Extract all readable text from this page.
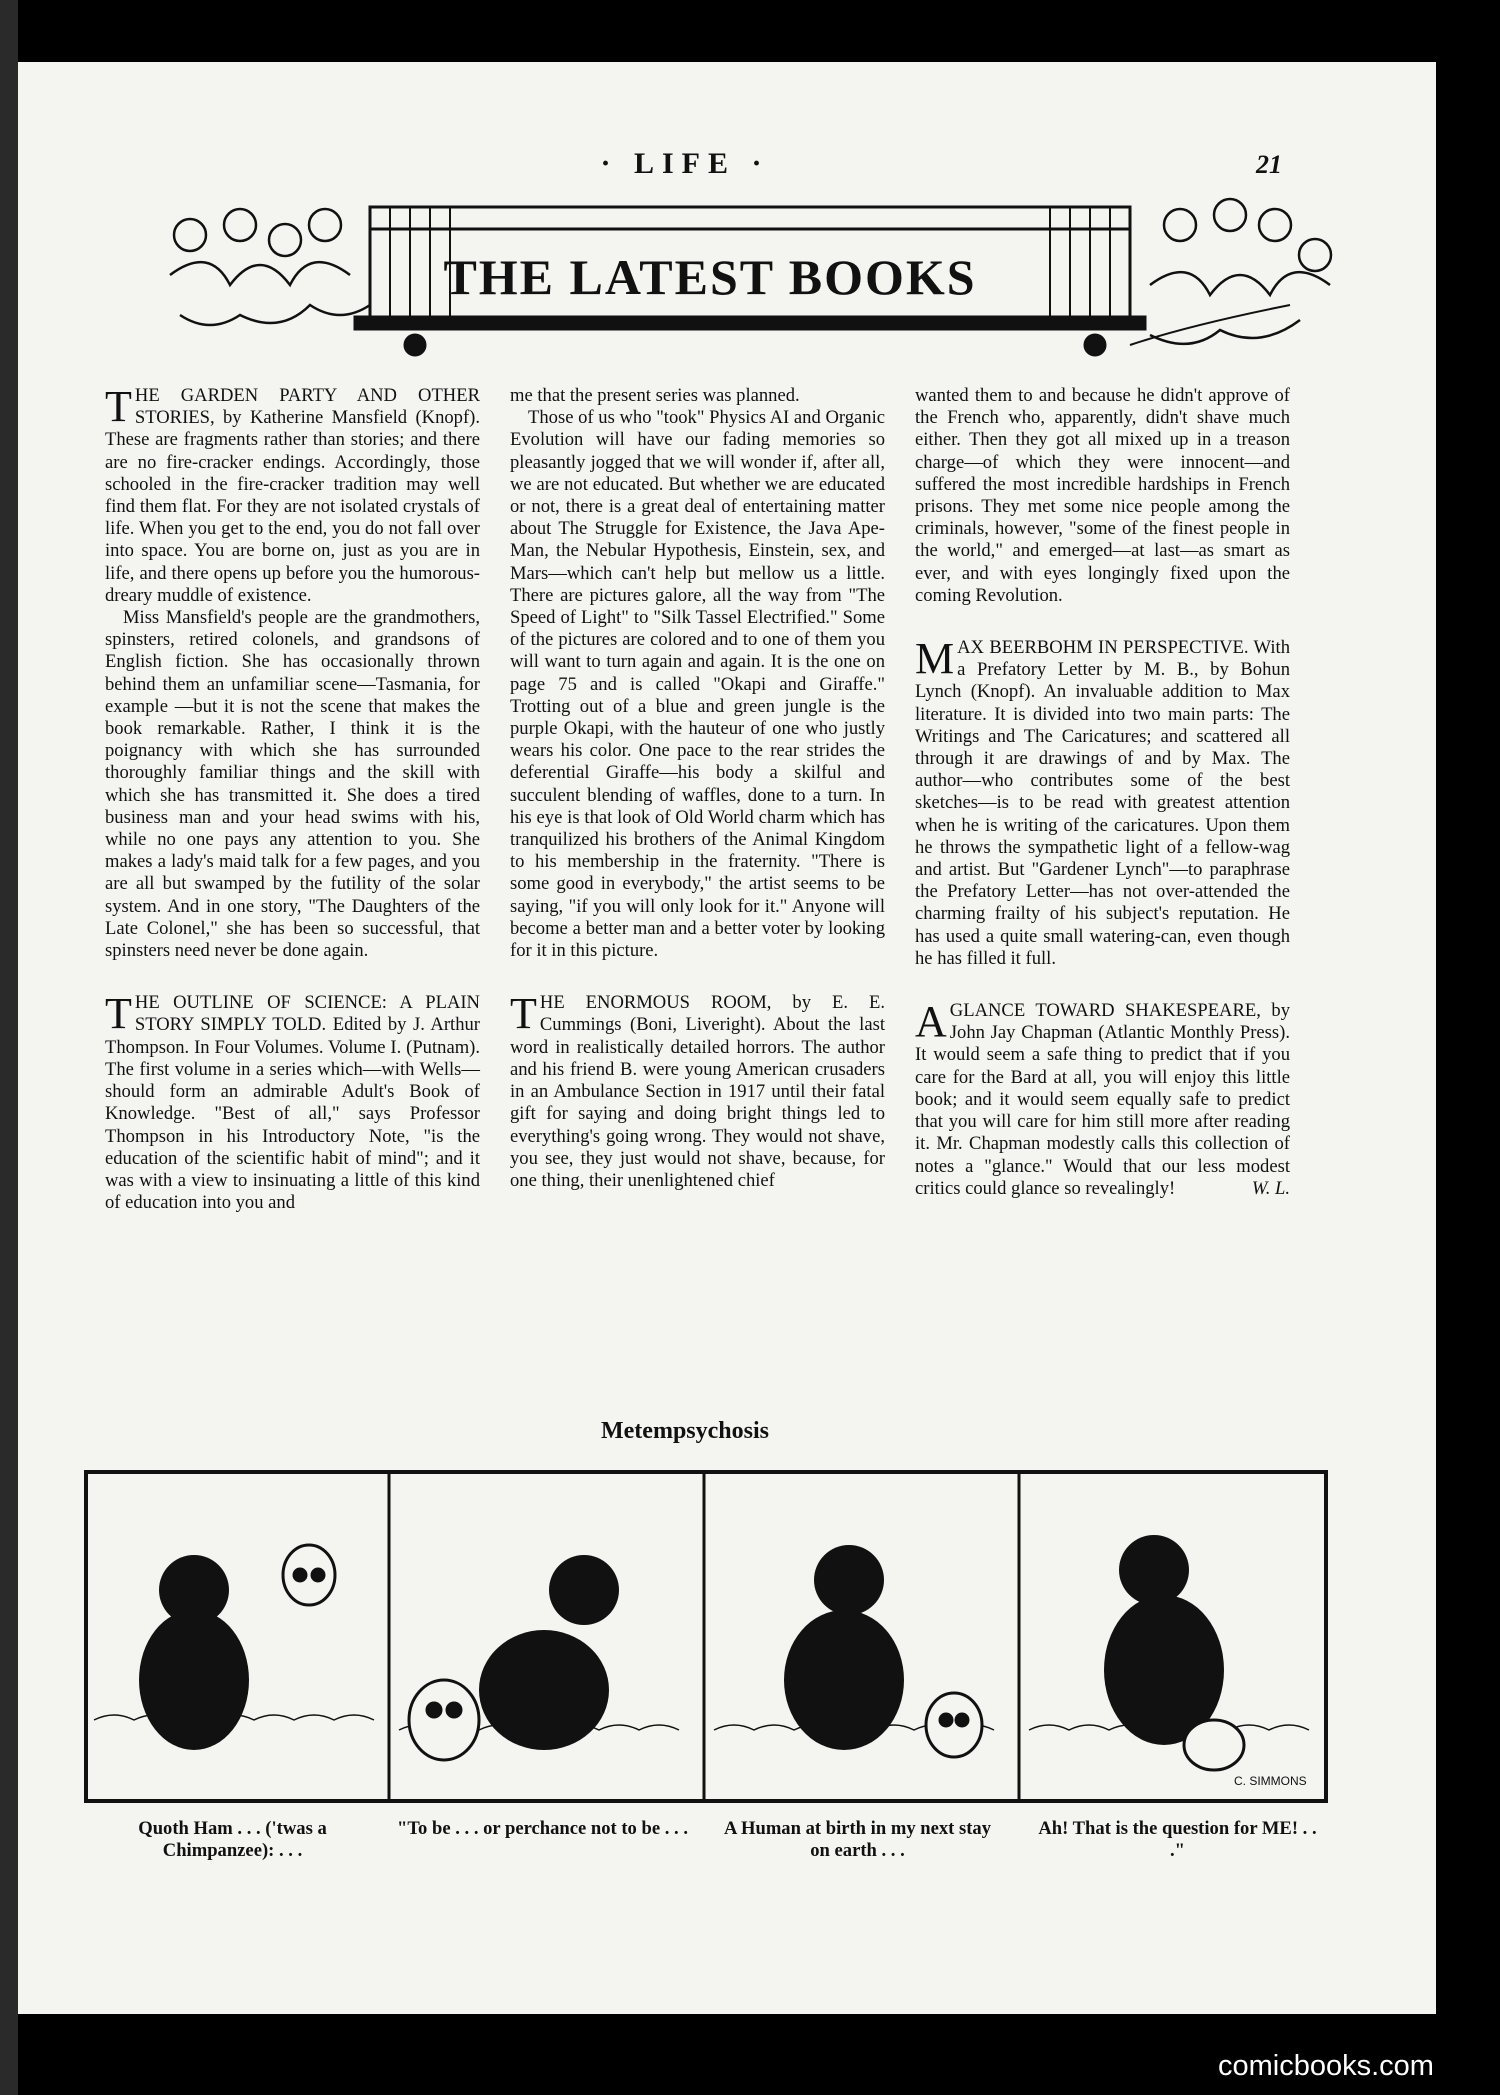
· LIFE ·	21
THE LATEST BOOKS

THE GARDEN PARTY AND OTHER STORIES, by Katherine Mansfield (Knopf). These are fragments rather than stories; and there are no fire-cracker endings. Accordingly, those schooled in the fire-cracker tradition may well find them flat. For they are not isolated crystals of life. When you get to the end, you do not fall over into space. You are borne on, just as you are in life, and there opens up before you the humorous-dreary muddle of existence.

Miss Mansfield's people are the grandmothers, spinsters, retired colonels, and grandsons of English fiction. She has occasionally thrown behind them an unfamiliar scene—Tasmania, for example —but it is not the scene that makes the book remarkable. Rather, I think it is the poignancy with which she has surrounded thoroughly familiar things and the skill with which she has transmitted it. She does a tired business man and your head swims with his, while no one pays any attention to you. She makes a lady's maid talk for a few pages, and you are all but swamped by the futility of the solar system. And in one story, "The Daughters of the Late Colonel," she has been so successful, that spinsters need never be done again.

THE OUTLINE OF SCIENCE: A PLAIN STORY SIMPLY TOLD. Edited by J. Arthur Thompson. In Four Volumes. Volume I. (Putnam). The first volume in a series which—with Wells—should form an admirable Adult's Book of Knowledge. "Best of all," says Professor Thompson in his Introductory Note, "is the education of the scientific habit of mind"; and it was with a view to insinuating a little of this kind of education into you and

me that the present series was planned.

Those of us who "took" Physics AI and Organic Evolution will have our fading memories so pleasantly jogged that we will wonder if, after all, we are not educated. But whether we are educated or not, there is a great deal of entertaining matter about The Struggle for Existence, the Java Ape-Man, the Nebular Hypothesis, Einstein, sex, and Mars—which can't help but mellow us a little. There are pictures galore, all the way from "The Speed of Light" to "Silk Tassel Electrified." Some of the pictures are colored and to one of them you will want to turn again and again. It is the one on page 75 and is called "Okapi and Giraffe." Trotting out of a blue and green jungle is the purple Okapi, with the hauteur of one who justly wears his color. One pace to the rear strides the deferential Giraffe—his body a skilful and succulent blending of waffles, done to a turn. In his eye is that look of Old World charm which has tranquilized his brothers of the Animal Kingdom to his membership in the fraternity. "There is some good in everybody," the artist seems to be saying, "if you will only look for it." Anyone will become a better man and a better voter by looking for it in this picture.

THE ENORMOUS ROOM, by E. E. Cummings (Boni, Liveright). About the last word in realistically detailed horrors. The author and his friend B. were young American crusaders in an Ambulance Section in 1917 until their fatal gift for saying and doing bright things led to everything's going wrong. They would not shave, you see, they just would not shave, because, for one thing, their unenlightened chief

wanted them to and because he didn't approve of the French who, apparently, didn't shave much either. Then they got all mixed up in a treason charge—of which they were innocent—and suffered the most incredible hardships in French prisons. They met some nice people among the criminals, however, "some of the finest people in the world," and emerged—at last—as smart as ever, and with eyes longingly fixed upon the coming Revolution.

MAX BEERBOHM IN PERSPECTIVE. With a Prefatory Letter by M. B., by Bohun Lynch (Knopf). An invaluable addition to Max literature. It is divided into two main parts: The Writings and The Caricatures; and scattered all through it are drawings of and by Max. The author—who contributes some of the best sketches—is to be read with greatest attention when he is writing of the caricatures. Upon them he throws the sympathetic light of a fellow-wag and artist. But "Gardener Lynch"—to paraphrase the Prefatory Letter—has not over-attended the charming frailty of his subject's reputation. He has used a quite small watering-can, even though he has filled it full.

AGLANCE TOWARD SHAKESPEARE, by John Jay Chapman (Atlantic Monthly Press). It would seem a safe thing to predict that if you care for the Bard at all, you will enjoy this little book; and it would seem equally safe to predict that you will care for him still more after reading it. Mr. Chapman modestly calls this collection of notes a "glance." Would that our less modest critics could glance so revealingly!	W. L.

Metempsychosis
C. SIMMONS
Quoth Ham . . . ('twas a Chimpanzee): . . .
"To be . . . or perchance not to be . . . A Human at birth in my next stay on earth . . .
Ah! That is the question for ME! . . ."
comicbooks.com
